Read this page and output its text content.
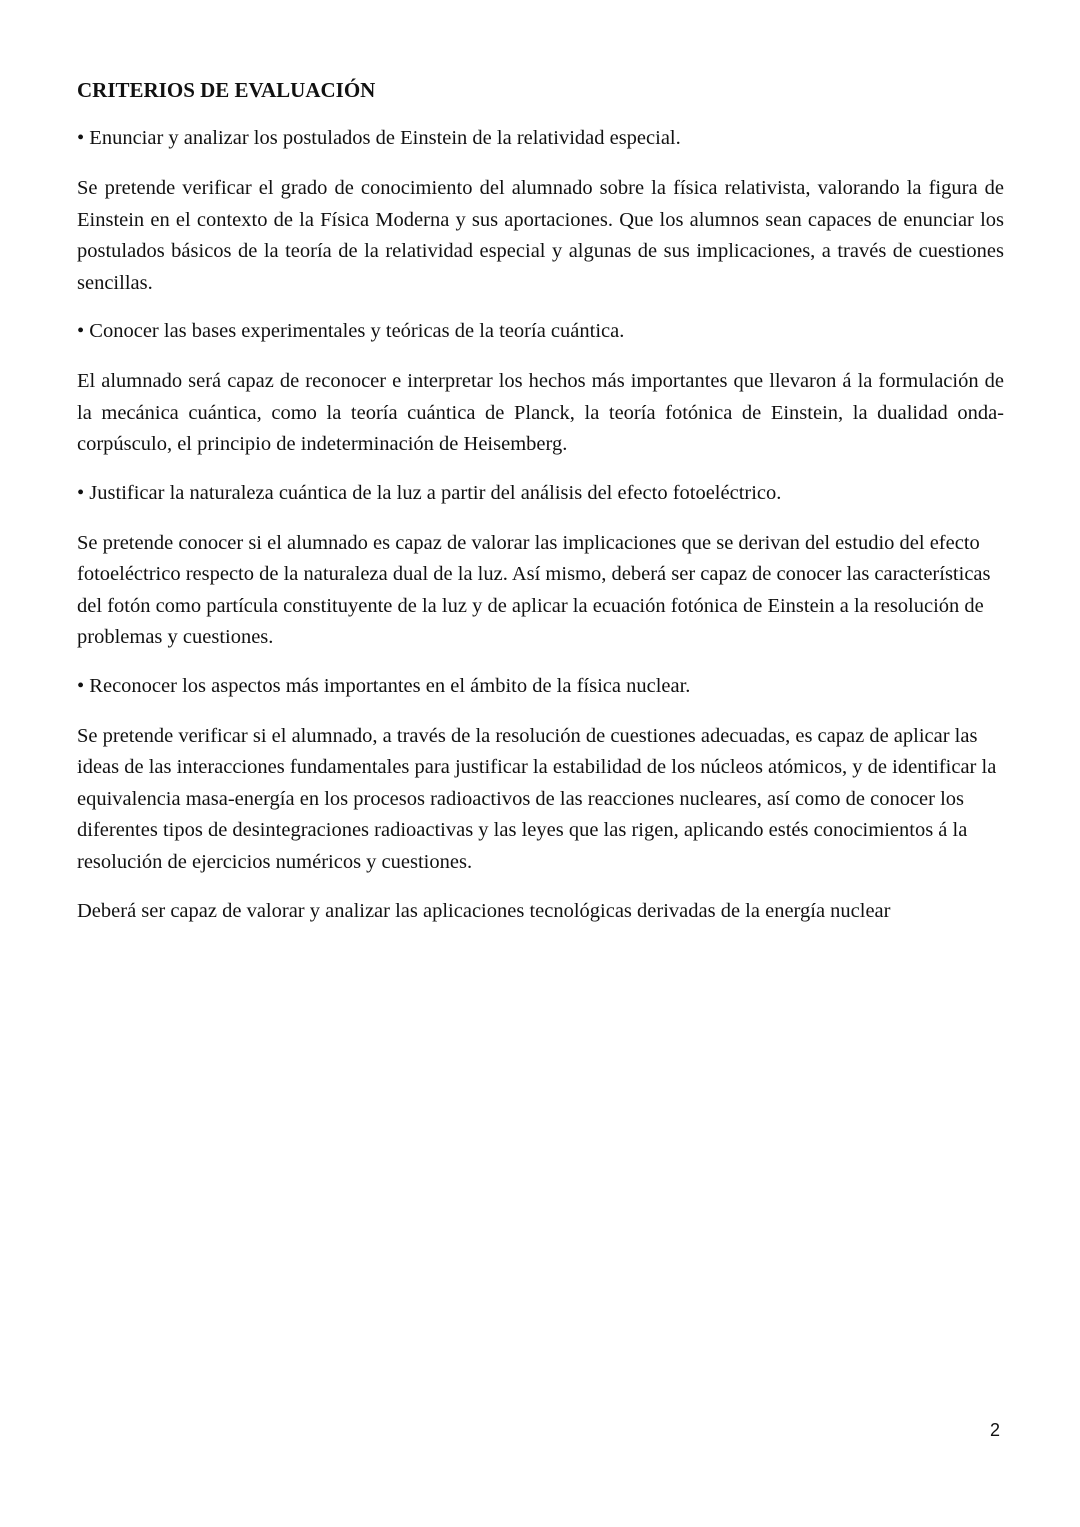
CRITERIOS DE EVALUACIÓN
• Enunciar y analizar los postulados de Einstein de la relatividad especial.
Se pretende verificar el grado de conocimiento del alumnado sobre la física relativista, valorando la figura de Einstein en el contexto de la Física Moderna y sus aportaciones. Que los alumnos sean capaces de enunciar los postulados básicos de la teoría de la relatividad especial y algunas de sus implicaciones, a través de cuestiones sencillas.
• Conocer las bases experimentales y teóricas de la teoría cuántica.
El alumnado será capaz de reconocer e interpretar los hechos más importantes que llevaron á la formulación de la mecánica cuántica, como la teoría cuántica de Planck, la teoría fotónica de Einstein, la dualidad onda-corpúsculo, el principio de indeterminación de Heisemberg.
• Justificar la naturaleza cuántica de la luz a partir del análisis del efecto fotoeléctrico.
Se pretende conocer si el alumnado es capaz de valorar las implicaciones que se derivan del estudio del efecto fotoeléctrico respecto de la naturaleza dual de la luz. Así mismo, deberá ser capaz de conocer las características del fotón como partícula constituyente de la luz y de aplicar la ecuación fotónica de Einstein a la resolución de problemas y cuestiones.
• Reconocer los aspectos más importantes en el ámbito de la física nuclear.
Se pretende verificar si el alumnado, a través de la resolución de cuestiones adecuadas, es capaz de aplicar las ideas de las interacciones fundamentales para justificar la estabilidad de los núcleos atómicos, y de identificar la equivalencia masa-energía en los procesos radioactivos de las reacciones nucleares, así como de conocer los diferentes tipos de desintegraciones radioactivas y las leyes que las rigen, aplicando estés conocimientos á la resolución de ejercicios numéricos y cuestiones.
Deberá ser capaz de valorar y analizar las aplicaciones tecnológicas derivadas de la energía nuclear
2
